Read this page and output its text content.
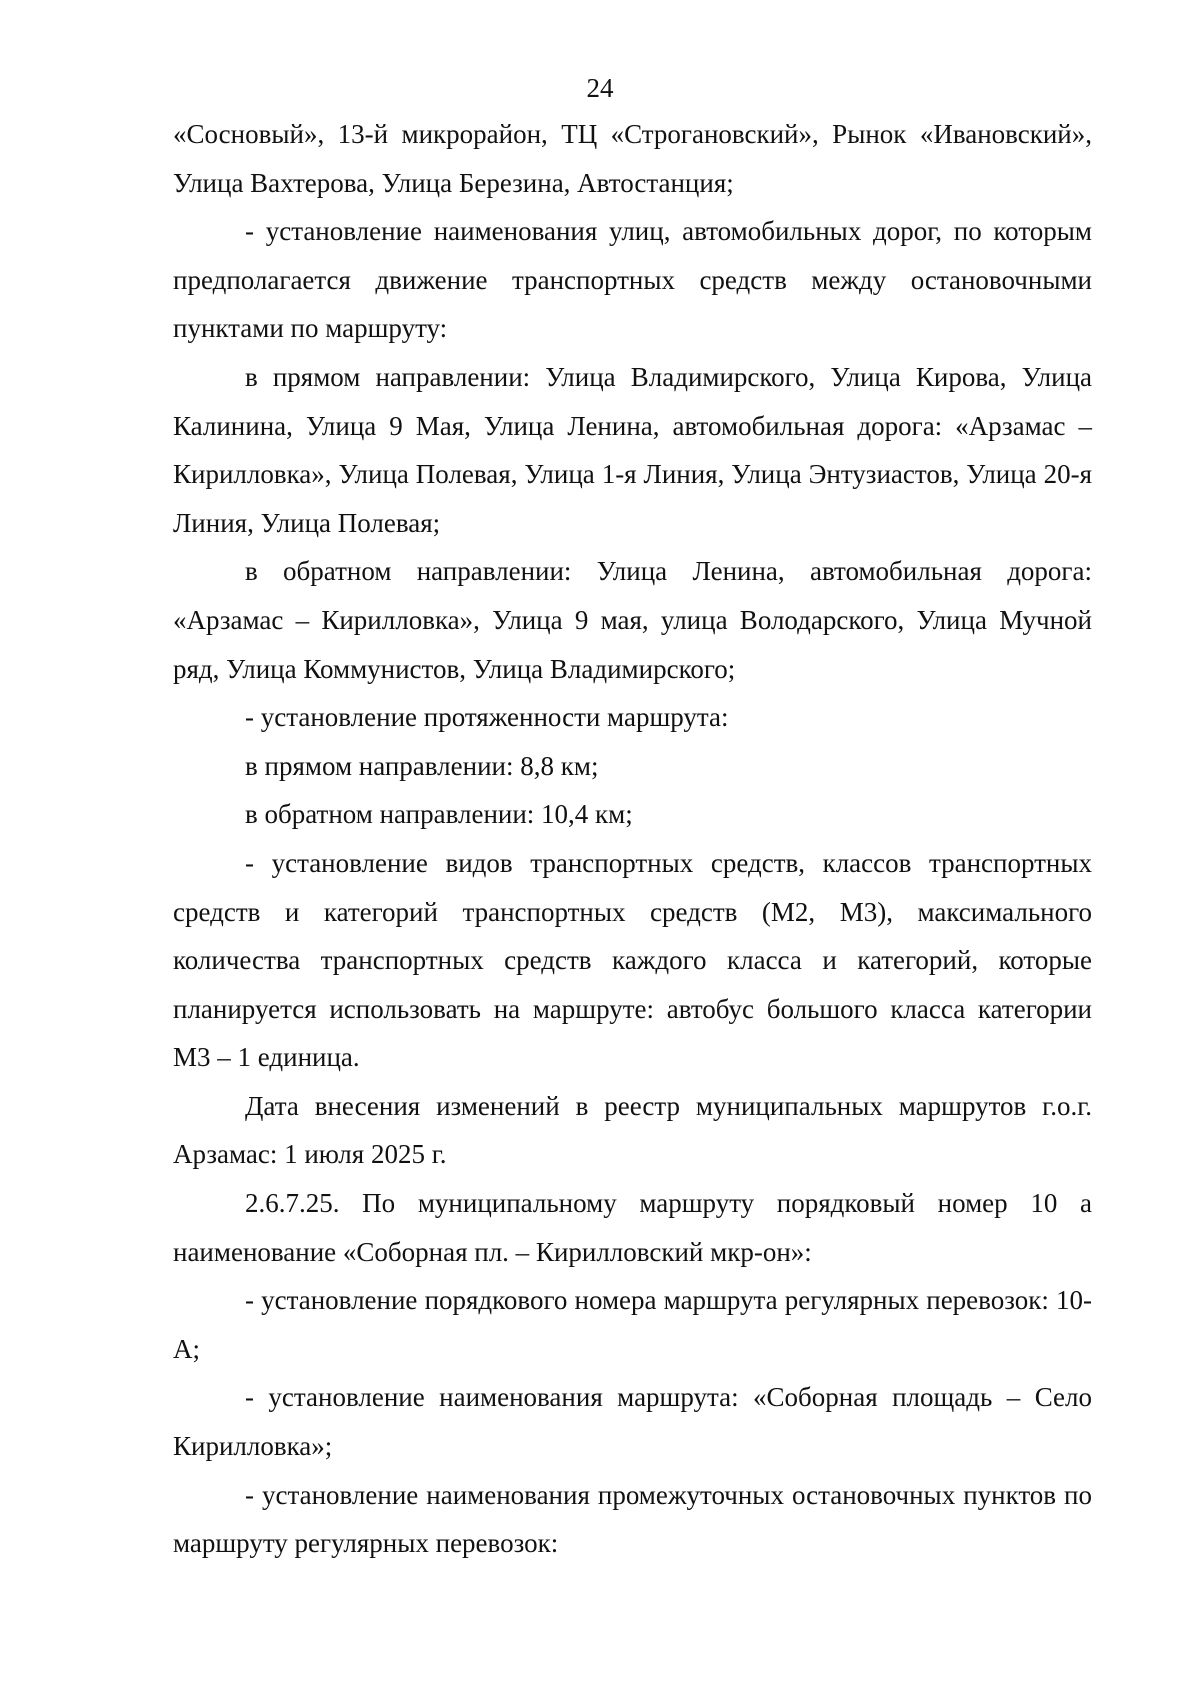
24

«Сосновый», 13-й микрорайон, ТЦ «Строгановский», Рынок «Ивановский», Улица Вахтерова, Улица Березина, Автостанция;

- установление наименования улиц, автомобильных дорог, по которым предполагается движение транспортных средств между остановочными пунктами по маршруту:

в прямом направлении: Улица Владимирского, Улица Кирова, Улица Калинина, Улица 9 Мая, Улица Ленина, автомобильная дорога: «Арзамас – Кирилловка», Улица Полевая, Улица 1-я Линия, Улица Энтузиастов, Улица 20-я Линия, Улица Полевая;

в обратном направлении: Улица Ленина, автомобильная дорога: «Арзамас – Кирилловка», Улица 9 мая, улица Володарского, Улица Мучной ряд, Улица Коммунистов, Улица Владимирского;

- установление протяженности маршрута:

в прямом направлении: 8,8 км;

в обратном направлении: 10,4 км;

- установление видов транспортных средств, классов транспортных средств и категорий транспортных средств (М2, М3), максимального количества транспортных средств каждого класса и категорий, которые планируется использовать на маршруте: автобус большого класса категории М3 – 1 единица.

Дата внесения изменений в реестр муниципальных маршрутов г.о.г. Арзамас: 1 июля 2025 г.

2.6.7.25. По муниципальному маршруту порядковый номер 10 а наименование «Соборная пл. – Кирилловский мкр-он»:

- установление порядкового номера маршрута регулярных перевозок: 10-А;

- установление наименования маршрута: «Соборная площадь – Село Кирилловка»;

- установление наименования промежуточных остановочных пунктов по маршруту регулярных перевозок:
